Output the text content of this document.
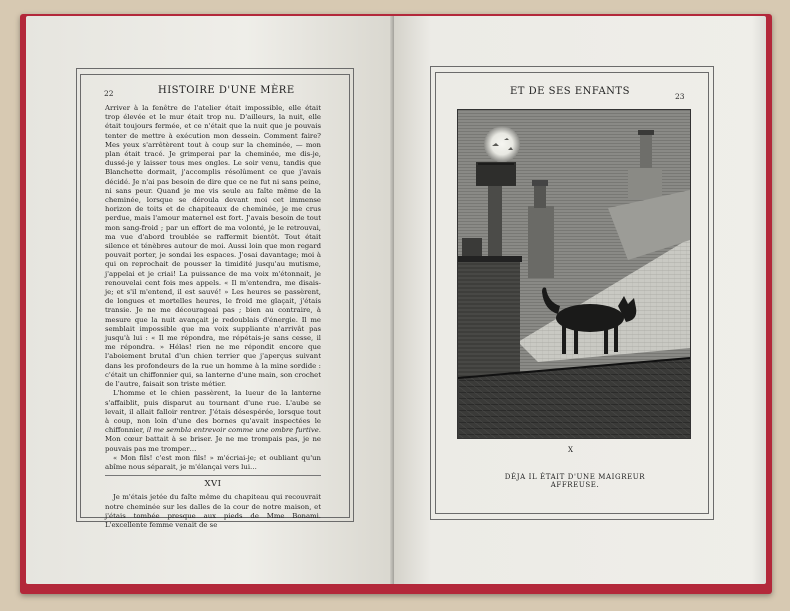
22	HISTOIRE D'UNE MÈRE

Arriver à la fenêtre de l'atelier était impossible, elle était trop élevée et le mur était trop nu. D'ailleurs, la nuit, elle était toujours fermée, et ce n'était que la nuit que je pouvais tenter de mettre à exécution mon dessein. Comment faire? Mes yeux s'arrêtèrent tout à coup sur la cheminée, — mon plan était tracé. Je grimperai par la cheminée, me dis-je, dussé-je y laisser tous mes ongles. Le soir venu, tandis que Blanchette dormait, j'accomplis résolûment ce que j'avais décidé. Je n'ai pas besoin de dire que ce ne fut ni sans peine, ni sans peur. Quand je me vis seule au faîte même de la cheminée, lorsque se déroula devant moi cet immense horizon de toits et de chapiteaux de cheminée, je me crus perdue, mais l'amour maternel est fort. J'avais besoin de tout mon sang-froid ; par un effort de ma volonté, je le retrouvai, ma vue d'abord troublée se raffermit bientôt. Tout était silence et ténèbres autour de moi. Aussi loin que mon regard pouvait porter, je sondai les espaces. J'osai davantage; moi à qui on reprochait de pousser la timidité jusqu'au mutisme, j'appelai et je criai! La puissance de ma voix m'étonnait, je renouvelai cent fois mes appels. « Il m'entendra, me disais-je; et s'il m'entend, il est sauvé! » Les heures se passèrent, de longues et mortelles heures, le froid me glaçait, j'étais transie. Je ne me décourageai pas ; bien au contraire, à mesure que la nuit avançait je redoublais d'énergie. Il me semblait impossible que ma voix suppliante n'arrivât pas jusqu'à lui : « Il me répondra, me répétais-je sans cesse, il me répondra. » Hélas! rien ne me répondit encore que l'aboiement brutal d'un chien terrier que j'aperçus suivant dans les profondeurs de la rue un homme à la mine sordide : c'était un chiffonnier qui, sa lanterne d'une main, son crochet de l'autre, faisait son triste métier.

L'homme et le chien passèrent, la lueur de la lanterne s'affaiblit, puis disparut au tournant d'une rue. L'aube se levait, il allait falloir rentrer. J'étais désespérée, lorsque tout à coup, non loin d'une des bornes qu'avait inspectées le chiffonnier, il me sembla entrevoir comme une ombre furtive. Mon cœur battait à se briser. Je ne me trompais pas, je ne pouvais pas me tromper…

« Mon fils! c'est mon fils! » m'écriai-je; et oubliant qu'un abîme nous séparait, je m'élançai vers lui…

XVI

Je m'étais jetée du faîte même du chapiteau qui recouvrait notre cheminée sur les dalles de la cour de notre maison, et j'étais tombée presque aux pieds de Mme Bonami. L'excellente femme venait de se

ET DE SES ENFANTS	23
X
DÉJA IL ÉTAIT D'UNE MAIGREUR AFFREUSE.
